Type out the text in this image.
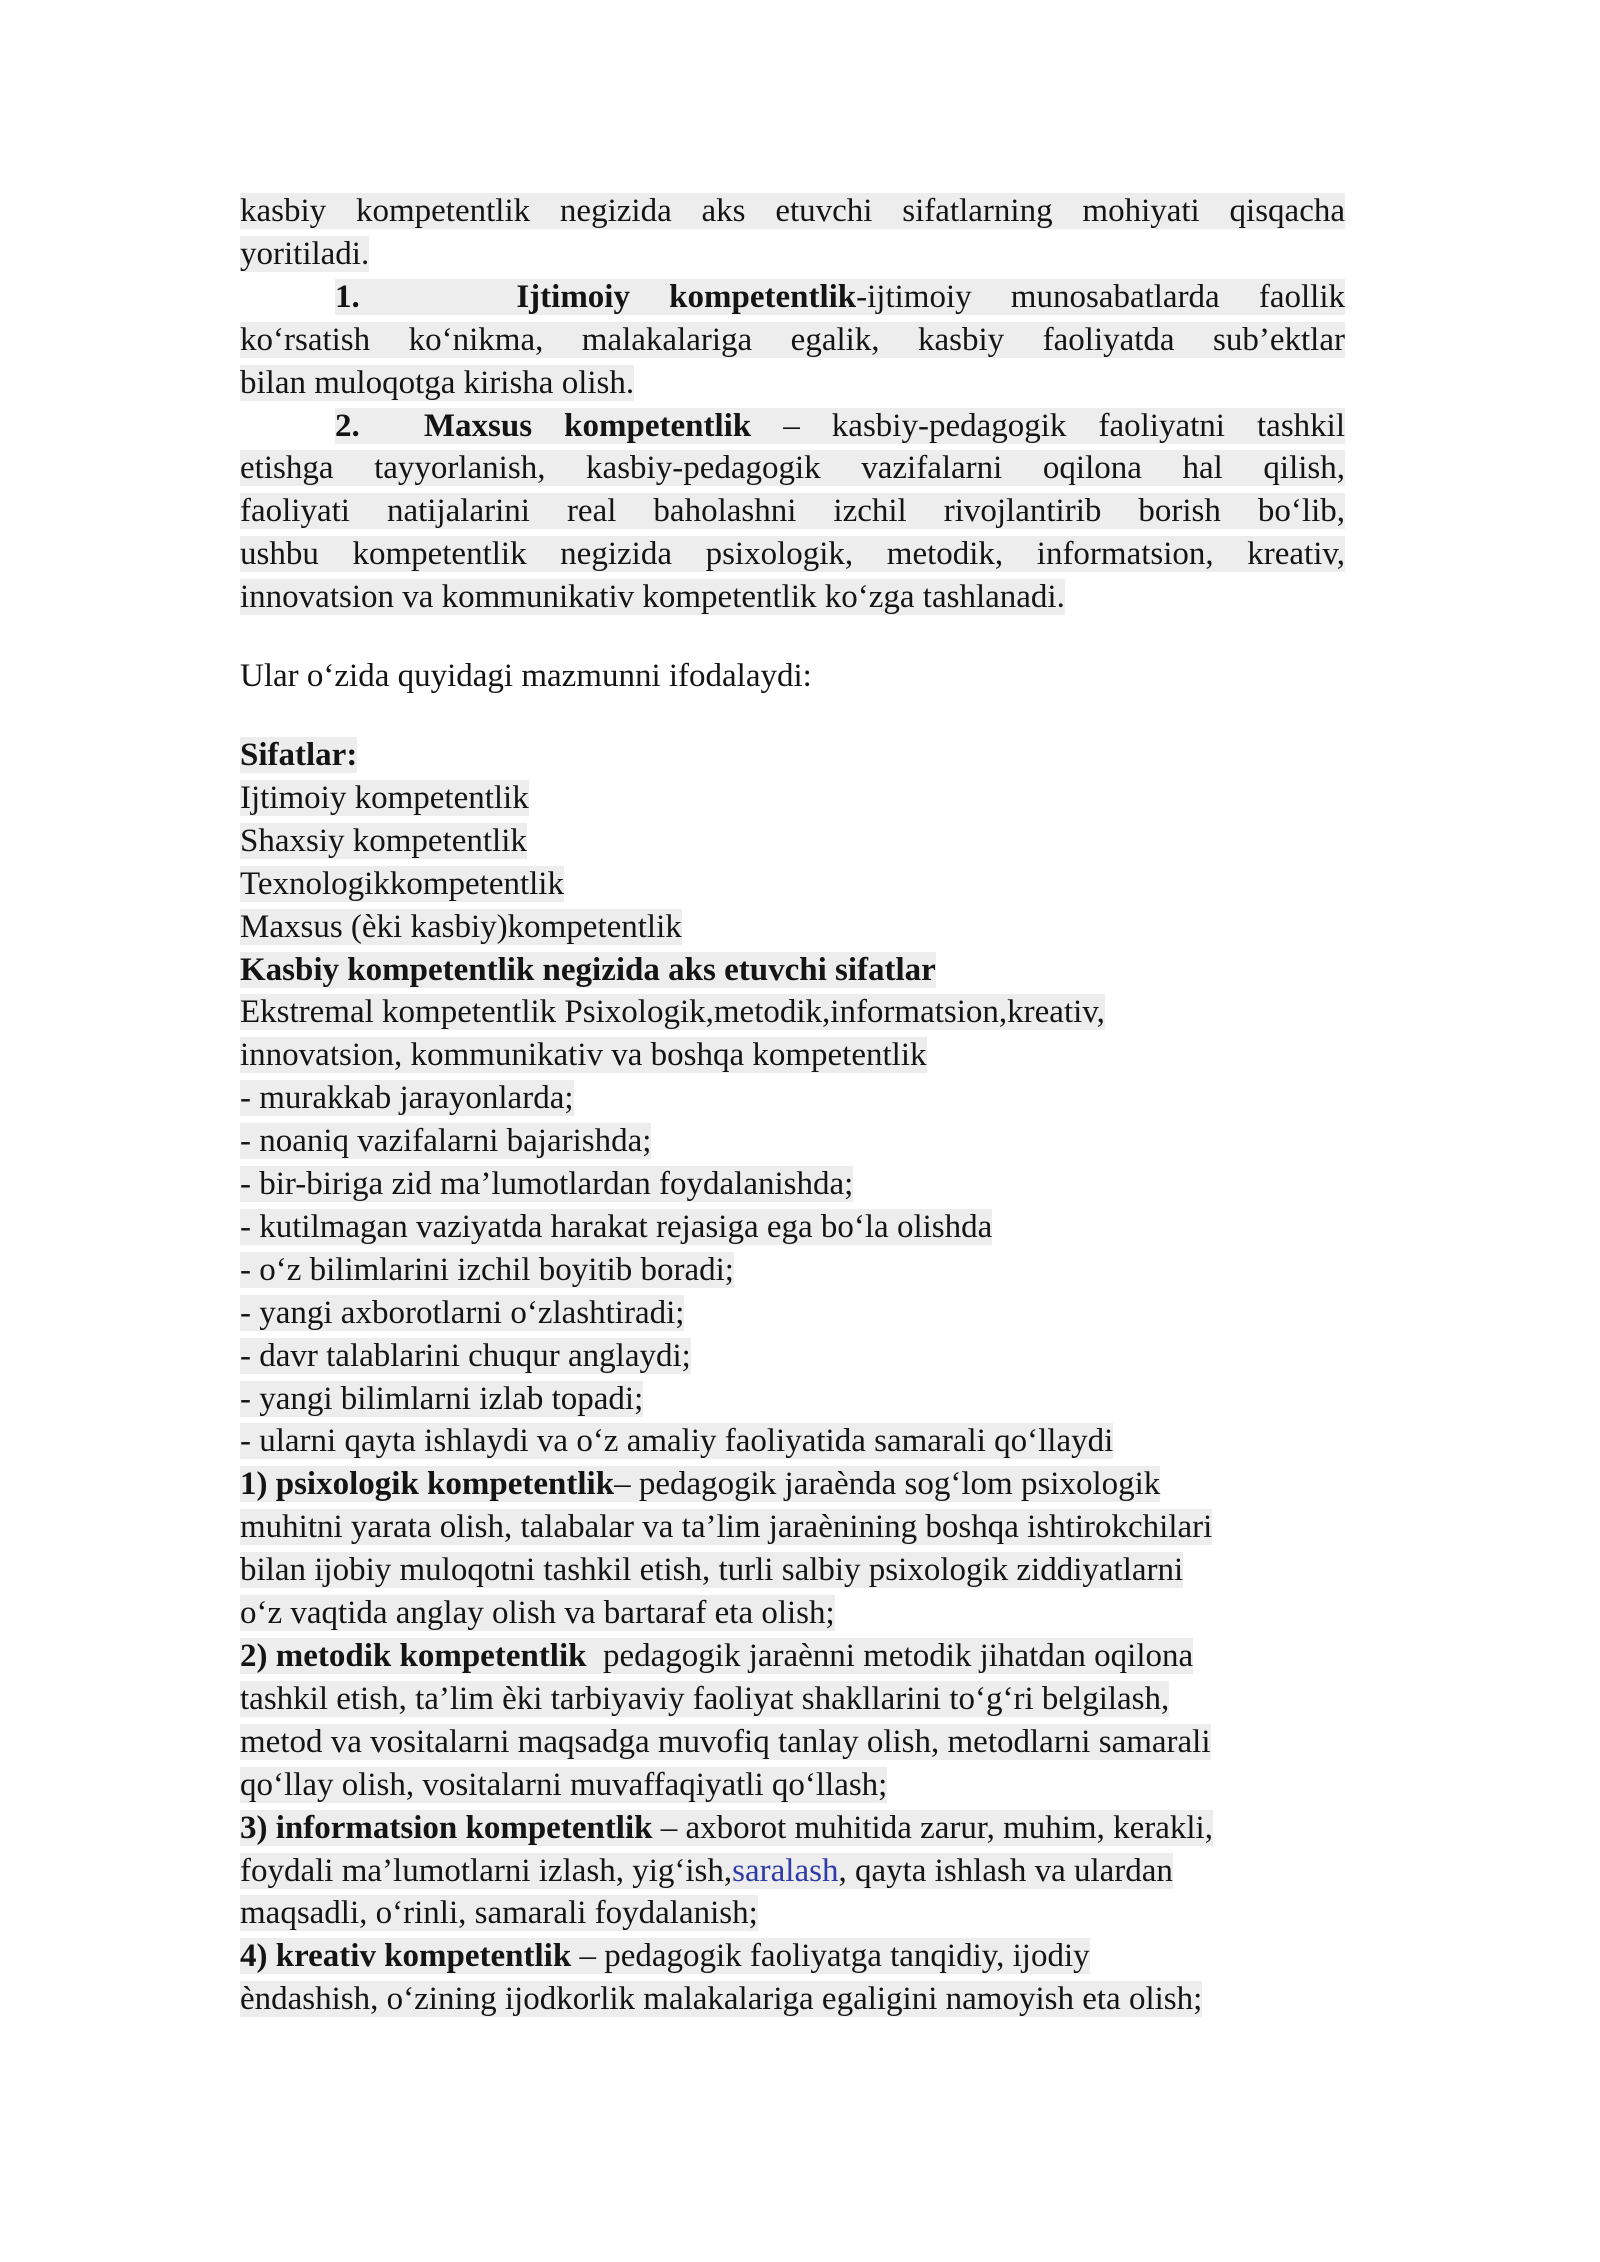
kasbiy kompetentlik negizida aks etuvchi sifatlarning mohiyati qisqacha

yoritiladi.

1.	Ijtimoiy kompetentlik-ijtimoiy munosabatlarda faollik

ko‘rsatish ko‘nikma, malakalariga egalik, kasbiy faoliyatda sub’ektlar

bilan muloqotga kirisha olish.

2. Maxsus kompetentlik – kasbiy-pedagogik faoliyatni tashkil

etishga tayyorlanish, kasbiy-pedagogik vazifalarni oqilona hal qilish,

faoliyati natijalarini real baholashni izchil rivojlantirib borish bo‘lib,

ushbu kompetentlik negizida psixologik, metodik, informatsion, kreativ,

innovatsion va kommunikativ kompetentlik ko‘zga tashlanadi.

Ular o‘zida quyidagi mazmunni ifodalaydi:

Sifatlar:

Ijtimoiy kompetentlik

Shaxsiy kompetentlik

Texnologikkompetentlik

Maxsus (èki kasbiy)kompetentlik

Kasbiy kompetentlik negizida aks etuvchi sifatlar

Ekstremal kompetentlik Psixologik,metodik,informatsion,kreativ,

innovatsion, kommunikativ va boshqa kompetentlik

- murakkab jarayonlarda;

- noaniq vazifalarni bajarishda;

- bir-biriga zid ma’lumotlardan foydalanishda;

- kutilmagan vaziyatda harakat rejasiga ega bo‘la olishda

- o‘z bilimlarini izchil boyitib boradi;

- yangi axborotlarni o‘zlashtiradi;

- davr talablarini chuqur anglaydi;

- yangi bilimlarni izlab topadi;

- ularni qayta ishlaydi va o‘z amaliy faoliyatida samarali qo‘llaydi

1) psixologik kompetentlik– pedagogik jaraènda sog‘lom psixologik

muhitni yarata olish, talabalar va ta’lim jaraènining boshqa ishtirokchilari

bilan ijobiy muloqotni tashkil etish, turli salbiy psixologik ziddiyatlarni

o‘z vaqtida anglay olish va bartaraf eta olish;

2) metodik kompetentlik  pedagogik jaraènni metodik jihatdan oqilona

tashkil etish, ta’lim èki tarbiyaviy faoliyat shakllarini to‘g‘ri belgilash,

metod va vositalarni maqsadga muvofiq tanlay olish, metodlarni samarali

qo‘llay olish, vositalarni muvaffaqiyatli qo‘llash;

3) informatsion kompetentlik – axborot muhitida zarur, muhim, kerakli,

foydali ma’lumotlarni izlash, yig‘ish,saralash, qayta ishlash va ulardan

maqsadli, o‘rinli, samarali foydalanish;

4) kreativ kompetentlik – pedagogik faoliyatga tanqidiy, ijodiy

èndashish, o‘zining ijodkorlik malakalariga egaligini namoyish eta olish;
